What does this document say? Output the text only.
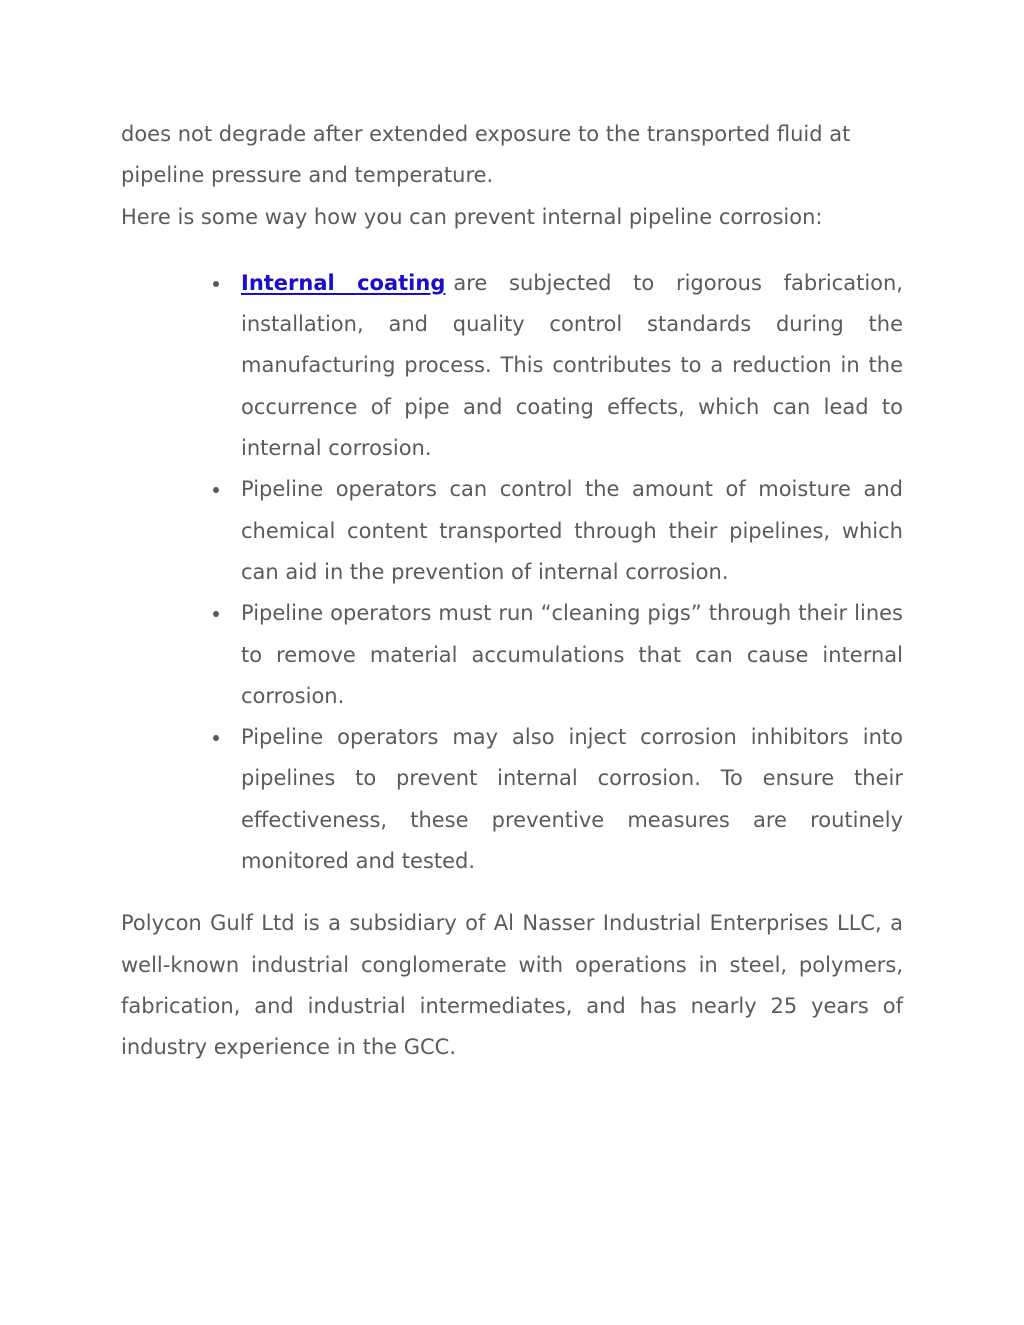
does not degrade after extended exposure to the transported fluid at pipeline pressure and temperature.

Here is some way how you can prevent internal pipeline corrosion:

Internal coating are subjected to rigorous fabrication, installation, and quality control standards during the manufacturing process. This contributes to a reduction in the occurrence of pipe and coating effects, which can lead to internal corrosion.
Pipeline operators can control the amount of moisture and chemical content transported through their pipelines, which can aid in the prevention of internal corrosion.
Pipeline operators must run “cleaning pigs” through their lines to remove material accumulations that can cause internal corrosion.
Pipeline operators may also inject corrosion inhibitors into pipelines to prevent internal corrosion. To ensure their effectiveness, these preventive measures are routinely monitored and tested.

Polycon Gulf Ltd is a subsidiary of Al Nasser Industrial Enterprises LLC, a well-known industrial conglomerate with operations in steel, polymers, fabrication, and industrial intermediates, and has nearly 25 years of industry experience in the GCC.
